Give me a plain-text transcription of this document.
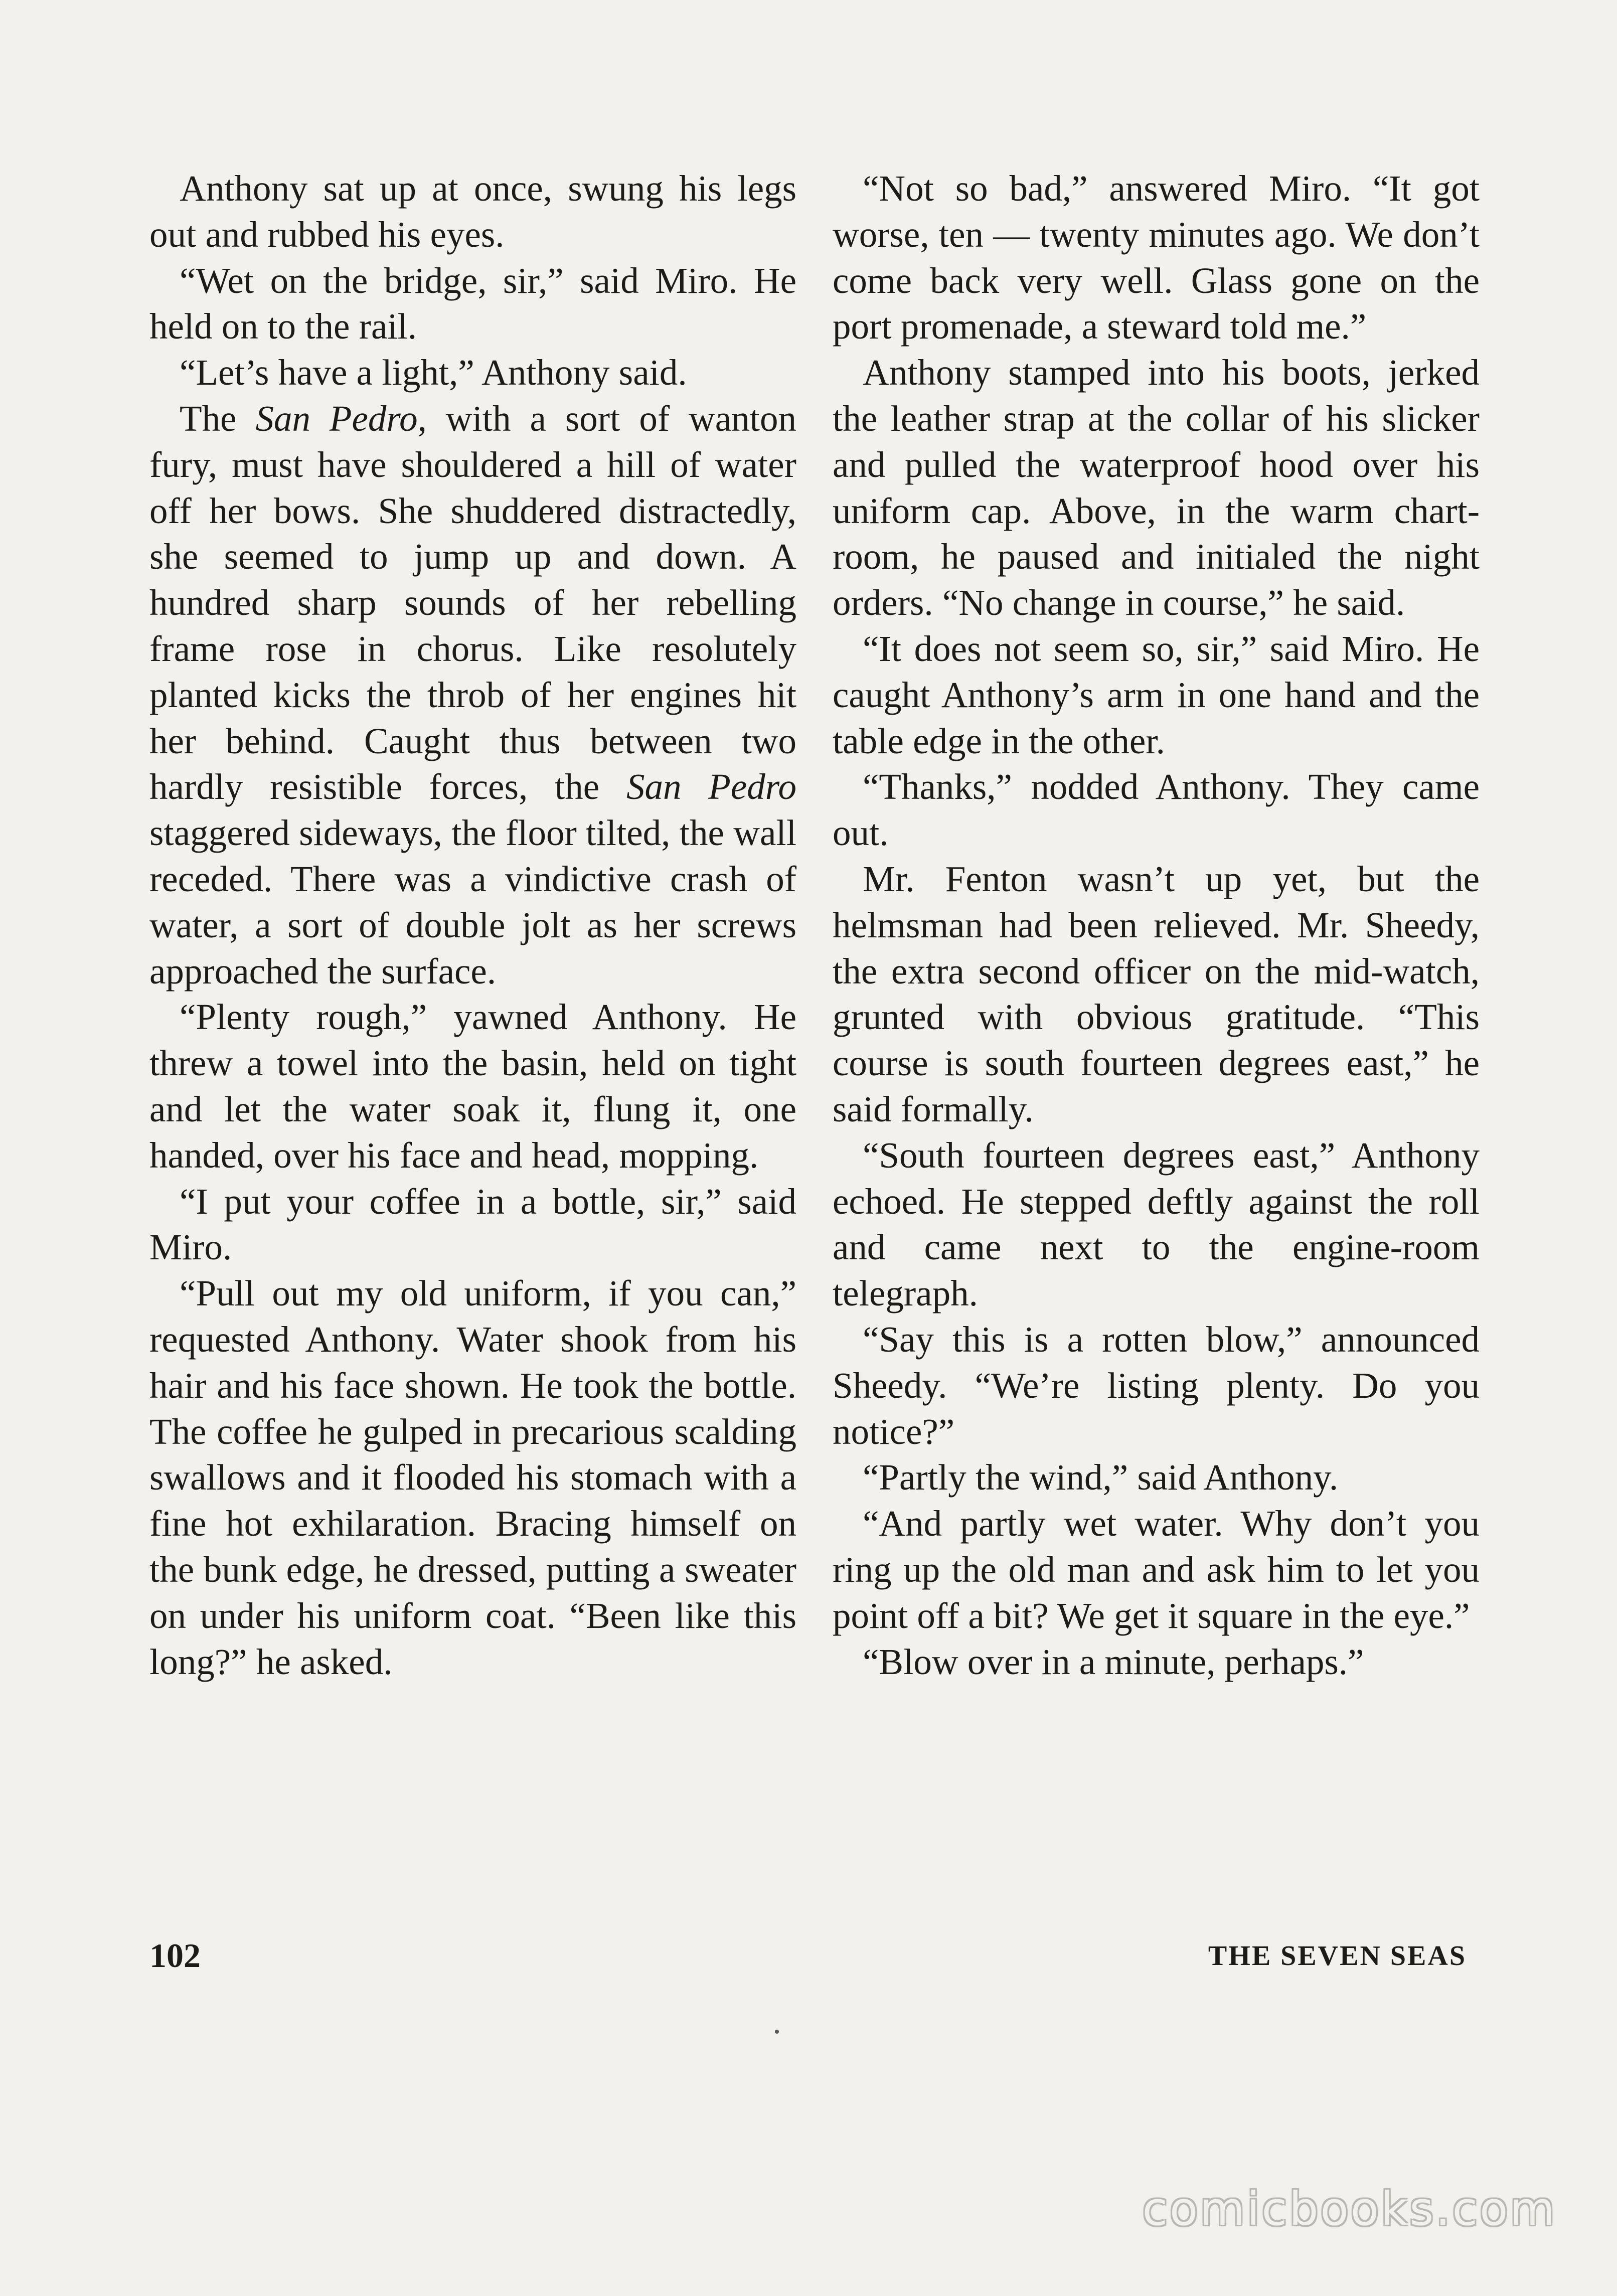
Anthony sat up at once, swung his legs out and rubbed his eyes.

“Wet on the bridge, sir,” said Miro. He held on to the rail.

“Let’s have a light,” Anthony said.

The San Pedro, with a sort of wanton fury, must have shouldered a hill of water off her bows. She shuddered distractedly, she seemed to jump up and down. A hundred sharp sounds of her rebelling frame rose in chorus. Like resolutely planted kicks the throb of her engines hit her behind. Caught thus between two hardly resistible forces, the San Pedro staggered sideways, the floor tilted, the wall receded. There was a vindictive crash of water, a sort of double jolt as her screws approached the surface.

“Plenty rough,” yawned Anthony. He threw a towel into the basin, held on tight and let the water soak it, flung it, one handed, over his face and head, mopping.

“I put your coffee in a bottle, sir,” said Miro.

“Pull out my old uniform, if you can,” requested Anthony. Water shook from his hair and his face shown. He took the bottle. The coffee he gulped in precarious scalding swallows and it flooded his stomach with a fine hot exhilaration. Bracing himself on the bunk edge, he dressed, putting a sweater on under his uniform coat. “Been like this long?” he asked.

“Not so bad,” answered Miro. “It got worse, ten — twenty minutes ago. We don’t come back very well. Glass gone on the port promenade, a steward told me.”

Anthony stamped into his boots, jerked the leather strap at the collar of his slicker and pulled the waterproof hood over his uniform cap. Above, in the warm chart-room, he paused and initialed the night orders. “No change in course,” he said.

“It does not seem so, sir,” said Miro. He caught Anthony’s arm in one hand and the table edge in the other.

“Thanks,” nodded Anthony. They came out.

Mr. Fenton wasn’t up yet, but the helmsman had been relieved. Mr. Sheedy, the extra second officer on the mid-watch, grunted with obvious gratitude. “This course is south fourteen degrees east,” he said formally.

“South fourteen degrees east,” Anthony echoed. He stepped deftly against the roll and came next to the engine-room telegraph.

“Say this is a rotten blow,” announced Sheedy. “We’re listing plenty. Do you notice?”

“Partly the wind,” said Anthony.

“And partly wet water. Why don’t you ring up the old man and ask him to let you point off a bit? We get it square in the eye.”

“Blow over in a minute, perhaps.”

102	THE SEVEN SEAS
comicbooks.com
